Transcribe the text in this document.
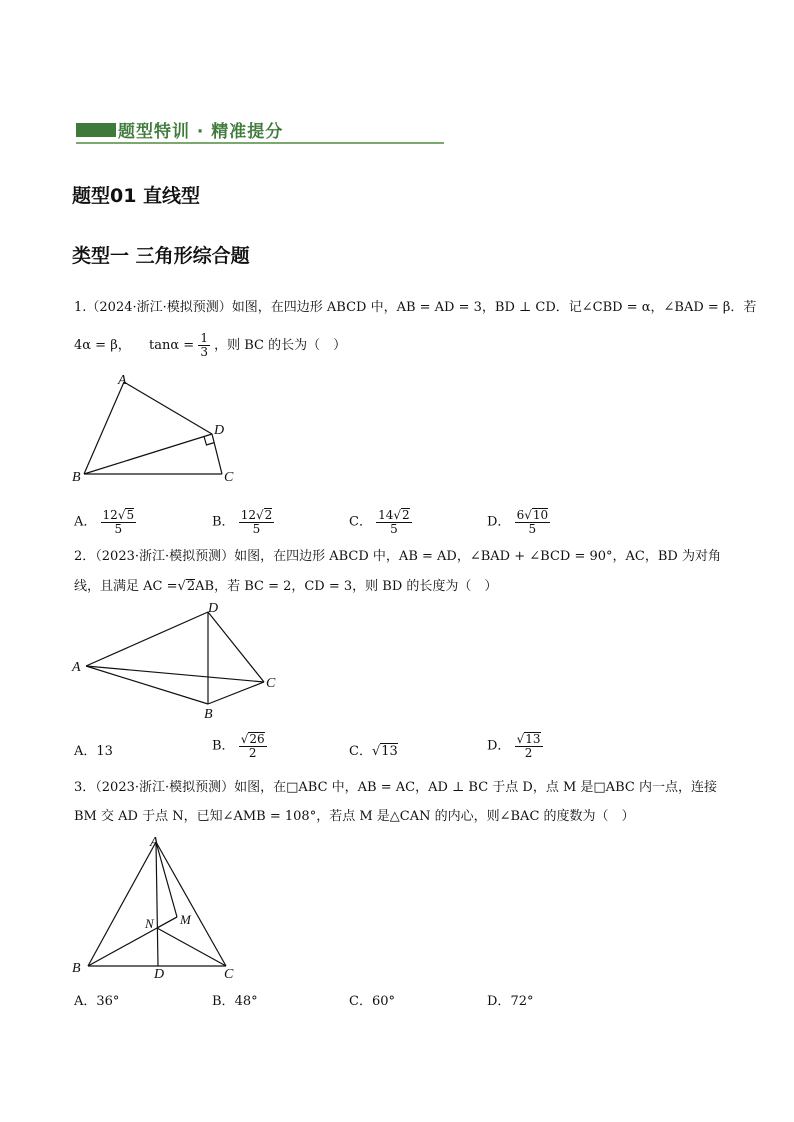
题型特训 · 精准提分
题型01 直线型
类型一 三角形综合题
1.（2024·浙江·模拟预测）如图，在四边形 ABCD 中，AB = AD = 3，BD ⊥ CD．记∠CBD = α，∠BAD = β．若
4α = β， $\tan\alpha = \frac{1}{3}$ ，则 BC 的长为（　）
A
B	C
D
A． $\frac{12√5}{5}$	B． $\frac{12√2}{5}$	C． $\frac{14√2}{5}$	D． $\frac{6√10}{5}$
2．（2023·浙江·模拟预测）如图，在四边形 ABCD 中，AB = AD，∠BAD + ∠BCD = 90°，AC，BD 为对角
线，且满足 AC =√2AB，若 BC = 2，CD = 3，则 BD 的长度为（　）
A
B
C
D
A．13	B． $\frac{√26}{2}$	C．√13	D． $\frac{√13}{2}$
3．（2023·浙江·模拟预测）如图，在□ABC 中，AB = AC，AD ⊥ BC 于点 D，点 M 是□ABC 内一点，连接
BM 交 AD 于点 N，已知∠AMB = 108°，若点 M 是△CAN 的内心，则∠BAC 的度数为（　）
A
B	C
D
N M
A．36°	B．48°	C．60°	D．72°
